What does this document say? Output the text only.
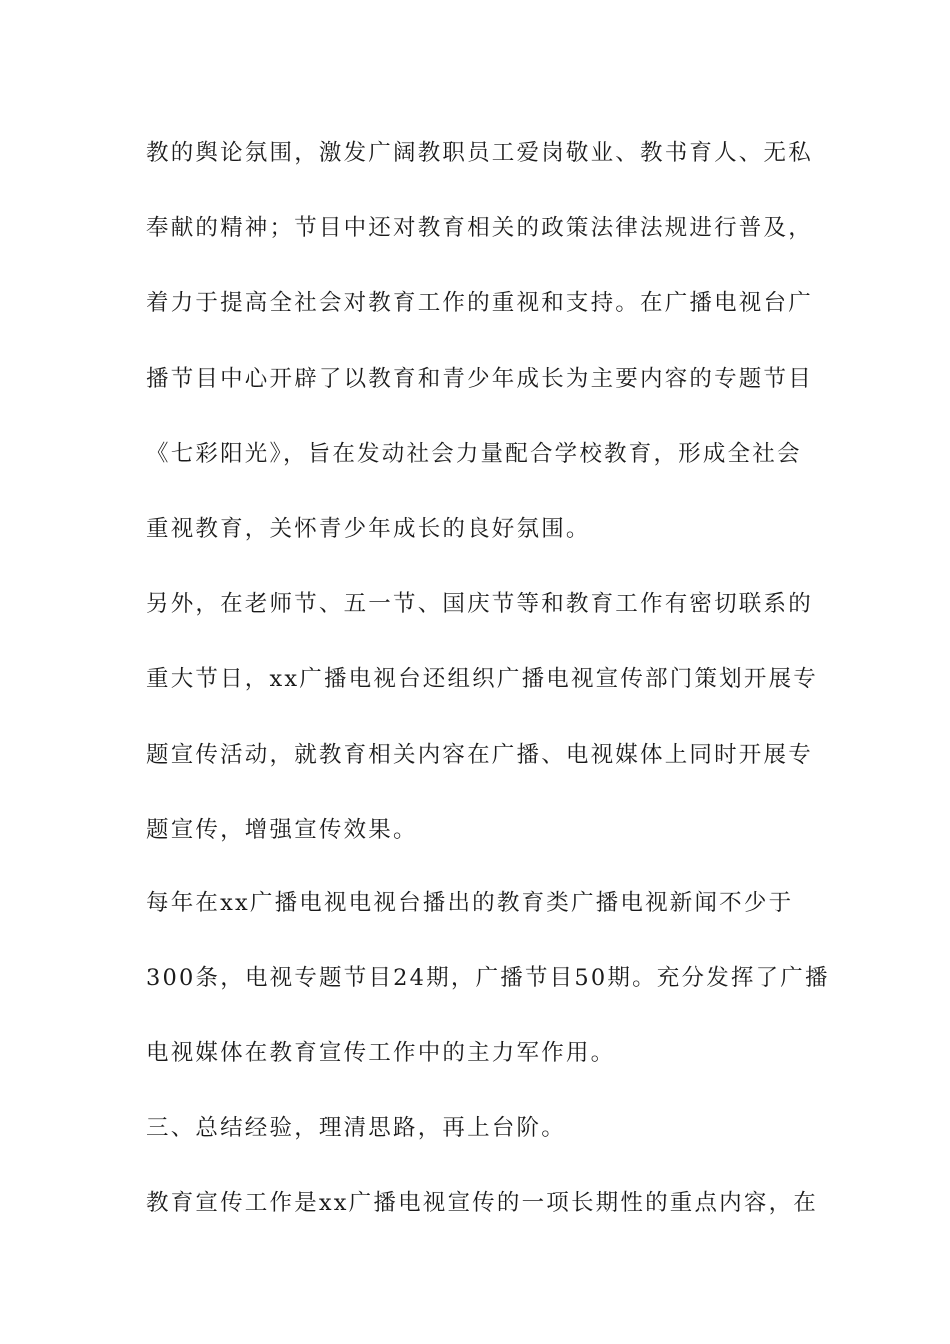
教的舆论氛围，激发广阔教职员工爱岗敬业、教书育人、无私
奉献的精神；节目中还对教育相关的政策法律法规进行普及，
着力于提高全社会对教育工作的重视和支持。在广播电视台广
播节目中心开辟了以教育和青少年成长为主要内容的专题节目
《七彩阳光》，旨在发动社会力量配合学校教育，形成全社会
重视教育，关怀青少年成长的良好氛围。
另外，在老师节、五一节、国庆节等和教育工作有密切联系的
重大节日，xx广播电视台还组织广播电视宣传部门策划开展专
题宣传活动，就教育相关内容在广播、电视媒体上同时开展专
题宣传，增强宣传效果。
每年在xx广播电视电视台播出的教育类广播电视新闻不少于
300条，电视专题节目24期，广播节目50期。充分发挥了广播
电视媒体在教育宣传工作中的主力军作用。
三、总结经验，理清思路，再上台阶。
教育宣传工作是xx广播电视宣传的一项长期性的重点内容，在
